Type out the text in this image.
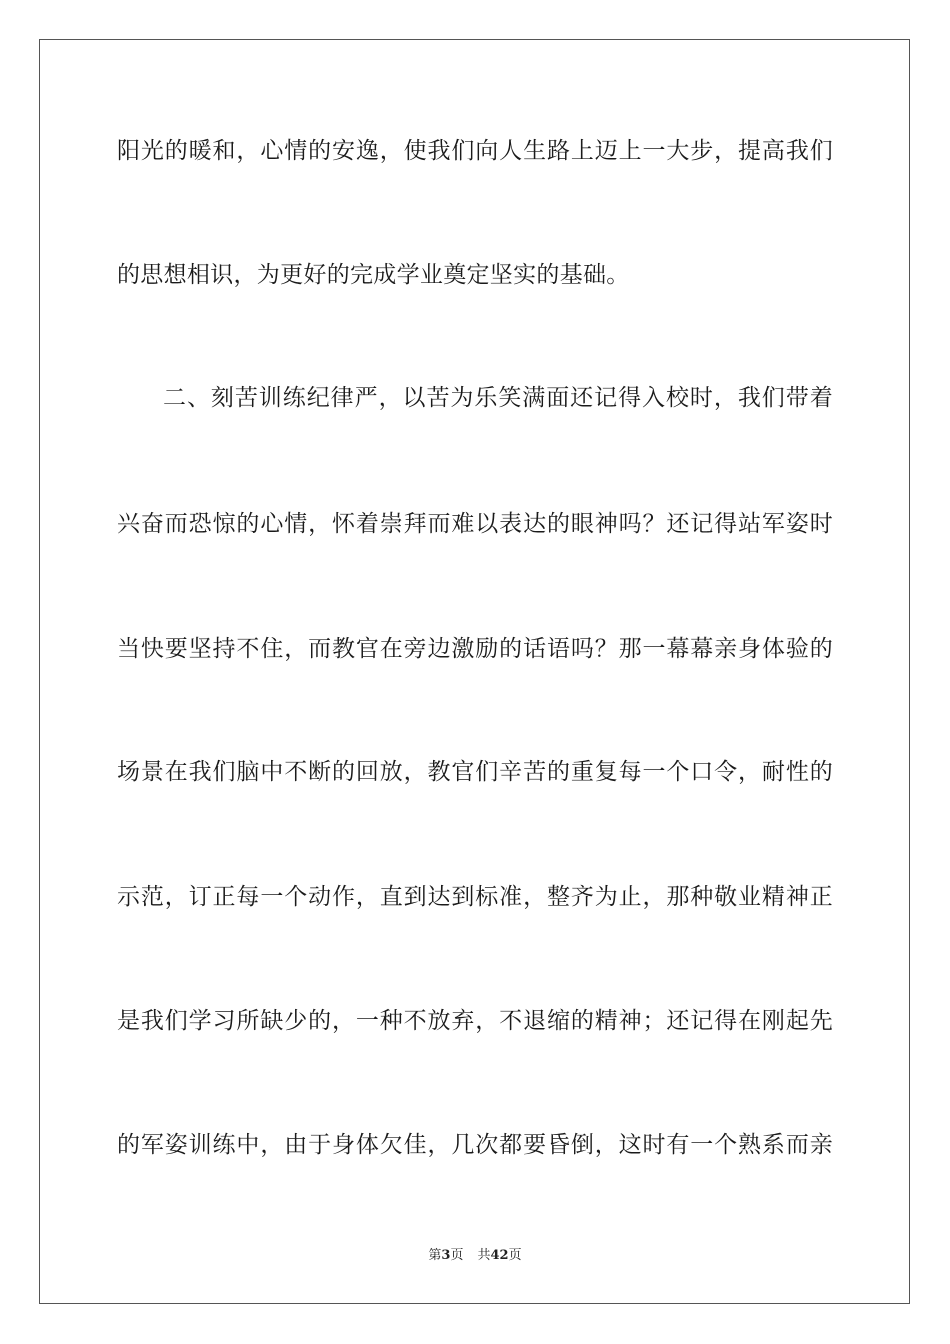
阳光的暖和，心情的安逸，使我们向人生路上迈上一大步，提高我们
的思想相识，为更好的完成学业奠定坚实的基础。
二、刻苦训练纪律严，以苦为乐笑满面还记得入校时，我们带着
兴奋而恐惊的心情，怀着崇拜而难以表达的眼神吗？还记得站军姿时
当快要坚持不住，而教官在旁边激励的话语吗？那一幕幕亲身体验的
场景在我们脑中不断的回放，教官们辛苦的重复每一个口令，耐性的
示范，订正每一个动作，直到达到标准，整齐为止，那种敬业精神正
是我们学习所缺少的，一种不放弃，不退缩的精神；还记得在刚起先
的军姿训练中，由于身体欠佳，几次都要昏倒，这时有一个熟系而亲
第3页 共42页
